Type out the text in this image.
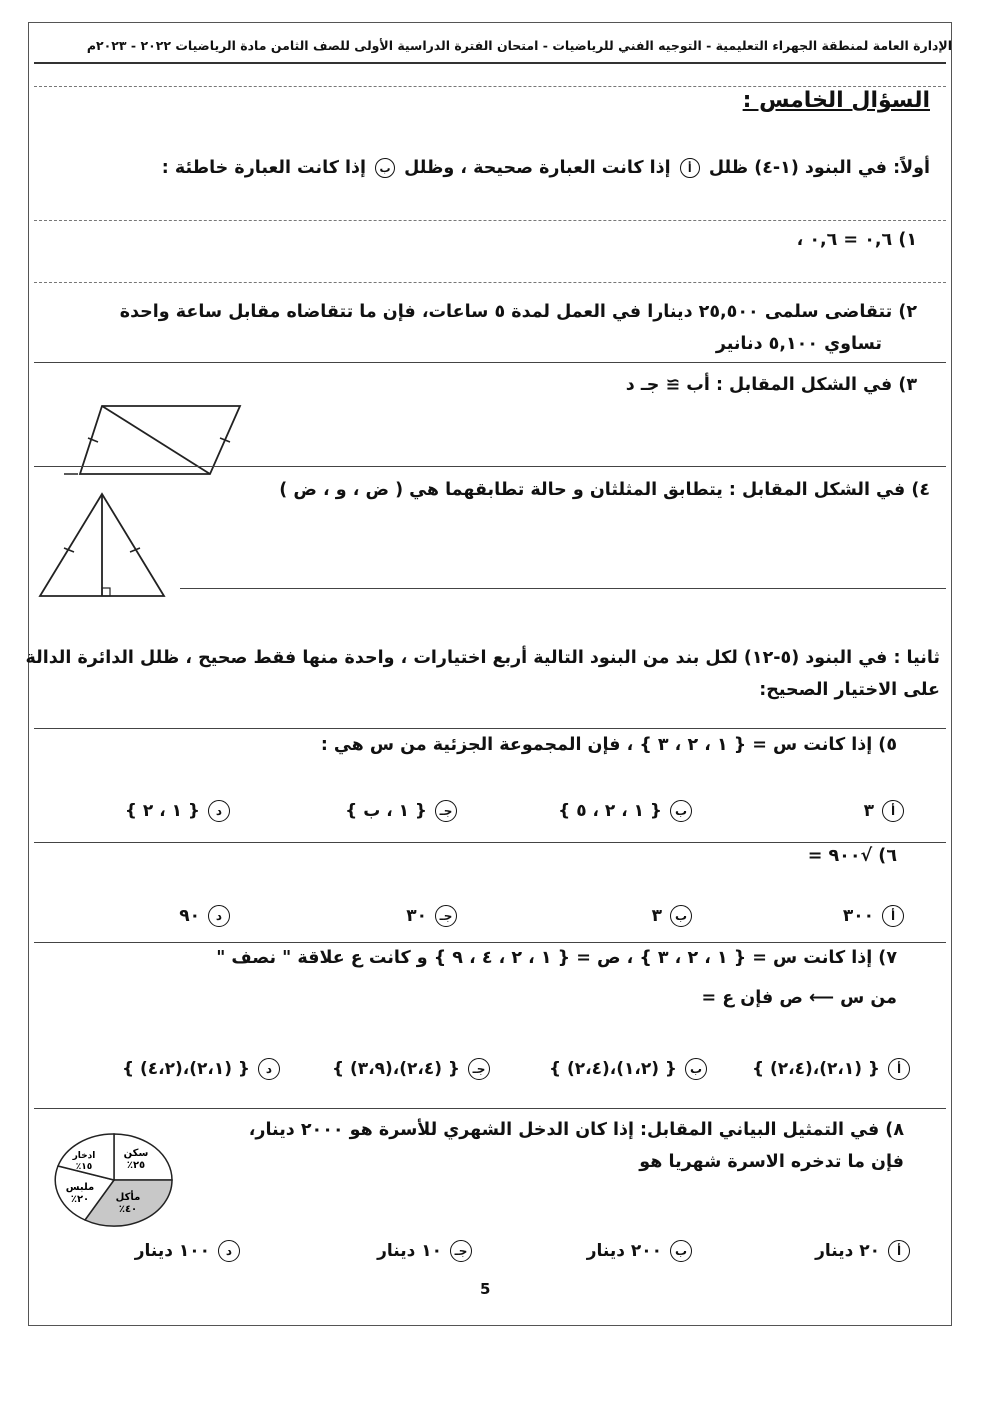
الإدارة العامة لمنطقة الجهراء التعليمية - التوجيه الفني للرياضيات - امتحان الفترة الدراسية الأولى للصف الثامن مادة الرياضيات ٢٠٢٢ - ٢٠٢٣م
السؤال الخامس :
أولاً: في البنود (١-٤) ظلل أ إذا كانت العبارة صحيحة ، وظلل ب إذا كانت العبارة خاطئة :
١) ٠,٦ = ٠,٦ ،
٢) تتقاضى سلمى ٢٥,٥٠٠ دينارا في العمل لمدة ٥ ساعات، فإن ما تتقاضاه مقابل ساعة واحدة
تساوي ٥,١٠٠ دنانير
٣) في الشكل المقابل : أب ≅ جـ د
٤) في الشكل المقابل : يتطابق المثلثان و حالة تطابقهما هي ( ض ، و ، ض )
ثانيا : في البنود (٥-١٢) لكل بند من البنود التالية أربع اختيارات ، واحدة منها فقط صحيح ، ظلل الدائرة الدالة
على الاختيار الصحيح:
٥) إذا كانت س = { ١ ، ٢ ، ٣ } ، فإن المجموعة الجزئية من س هي :
أ
٣
ب
{ ١ ، ٢ ، ٥ }
جـ
{ ١ ، ب }
د
{ ١ ، ٢ }
٦) √٩٠٠ =
أ
٣٠٠
ب
٣
جـ
٣٠
د
٩٠
٧) إذا كانت س = { ١ ، ٢ ، ٣ } ، ص = { ١ ، ٢ ، ٤ ، ٩ } و كانت ع علاقة " نصف "
من س ⟵ ص فإن ع =
أ
{ (٢،١)،(٢،٤) }
ب
{ (١،٢)،(٢،٤) }
جـ
{ (٢،٤)،(٣،٩) }
د
{ (٢،١)،(٤،٢) }
٨) في التمثيل البياني المقابل: إذا كان الدخل الشهري للأسرة هو ٢٠٠٠ دينار،
فإن ما تدخره الاسرة شهريا هو
سكن
٪٢٥
مأكل
٪٤٠
ملبس
٪٢٠
ادخار
٪١٥
أ
٢٠ دينار
ب
٢٠٠ دينار
جـ
١٠ دينار
د
١٠٠ دينار
5
